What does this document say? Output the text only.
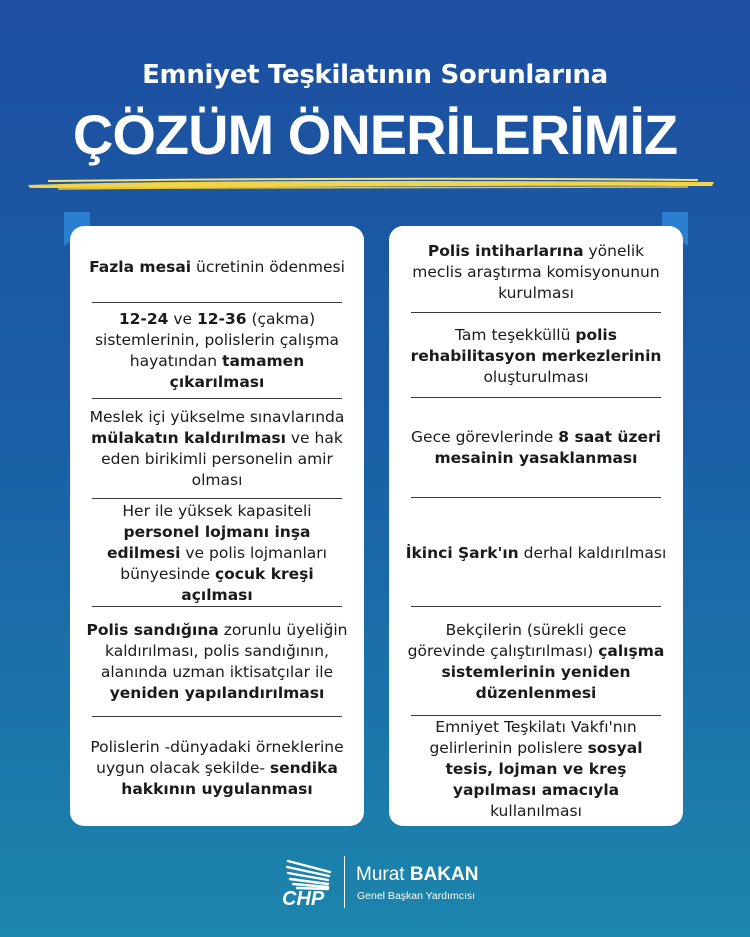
Emniyet Teşkilatının Sorunlarına
ÇÖZÜM ÖNERİLERİMİZ
Fazla mesai ücretinin ödenmesi
12-24 ve 12-36 (çakma) sistemlerinin, polislerin çalışma hayatından tamamen çıkarılması
Meslek içi yükselme sınavlarında mülakatın kaldırılması ve hak eden birikimli personelin amir olması
Her ile yüksek kapasiteli personel lojmanı inşa edilmesi ve polis lojmanları bünyesinde çocuk kreşi açılması
Polis sandığına zorunlu üyeliğin kaldırılması, polis sandığının, alanında uzman iktisatçılar ile yeniden yapılandırılması
Polislerin -dünyadaki örneklerine uygun olacak şekilde- sendika hakkının uygulanması
Polis intiharlarına yönelik meclis araştırma komisyonunun kurulması
Tam teşekküllü polis rehabilitasyon merkezlerinin oluşturulması
Gece görevlerinde 8 saat üzeri mesainin yasaklanması
İkinci Şark'ın derhal kaldırılması
Bekçilerin (sürekli gece görevinde çalıştırılması) çalışma sistemlerinin yeniden düzenlenmesi
Emniyet Teşkilatı Vakfı'nın gelirlerinin polislere sosyal tesis, lojman ve kreş yapılması amacıyla kullanılması
CHP
Murat BAKAN
Genel Başkan Yardımcısı
